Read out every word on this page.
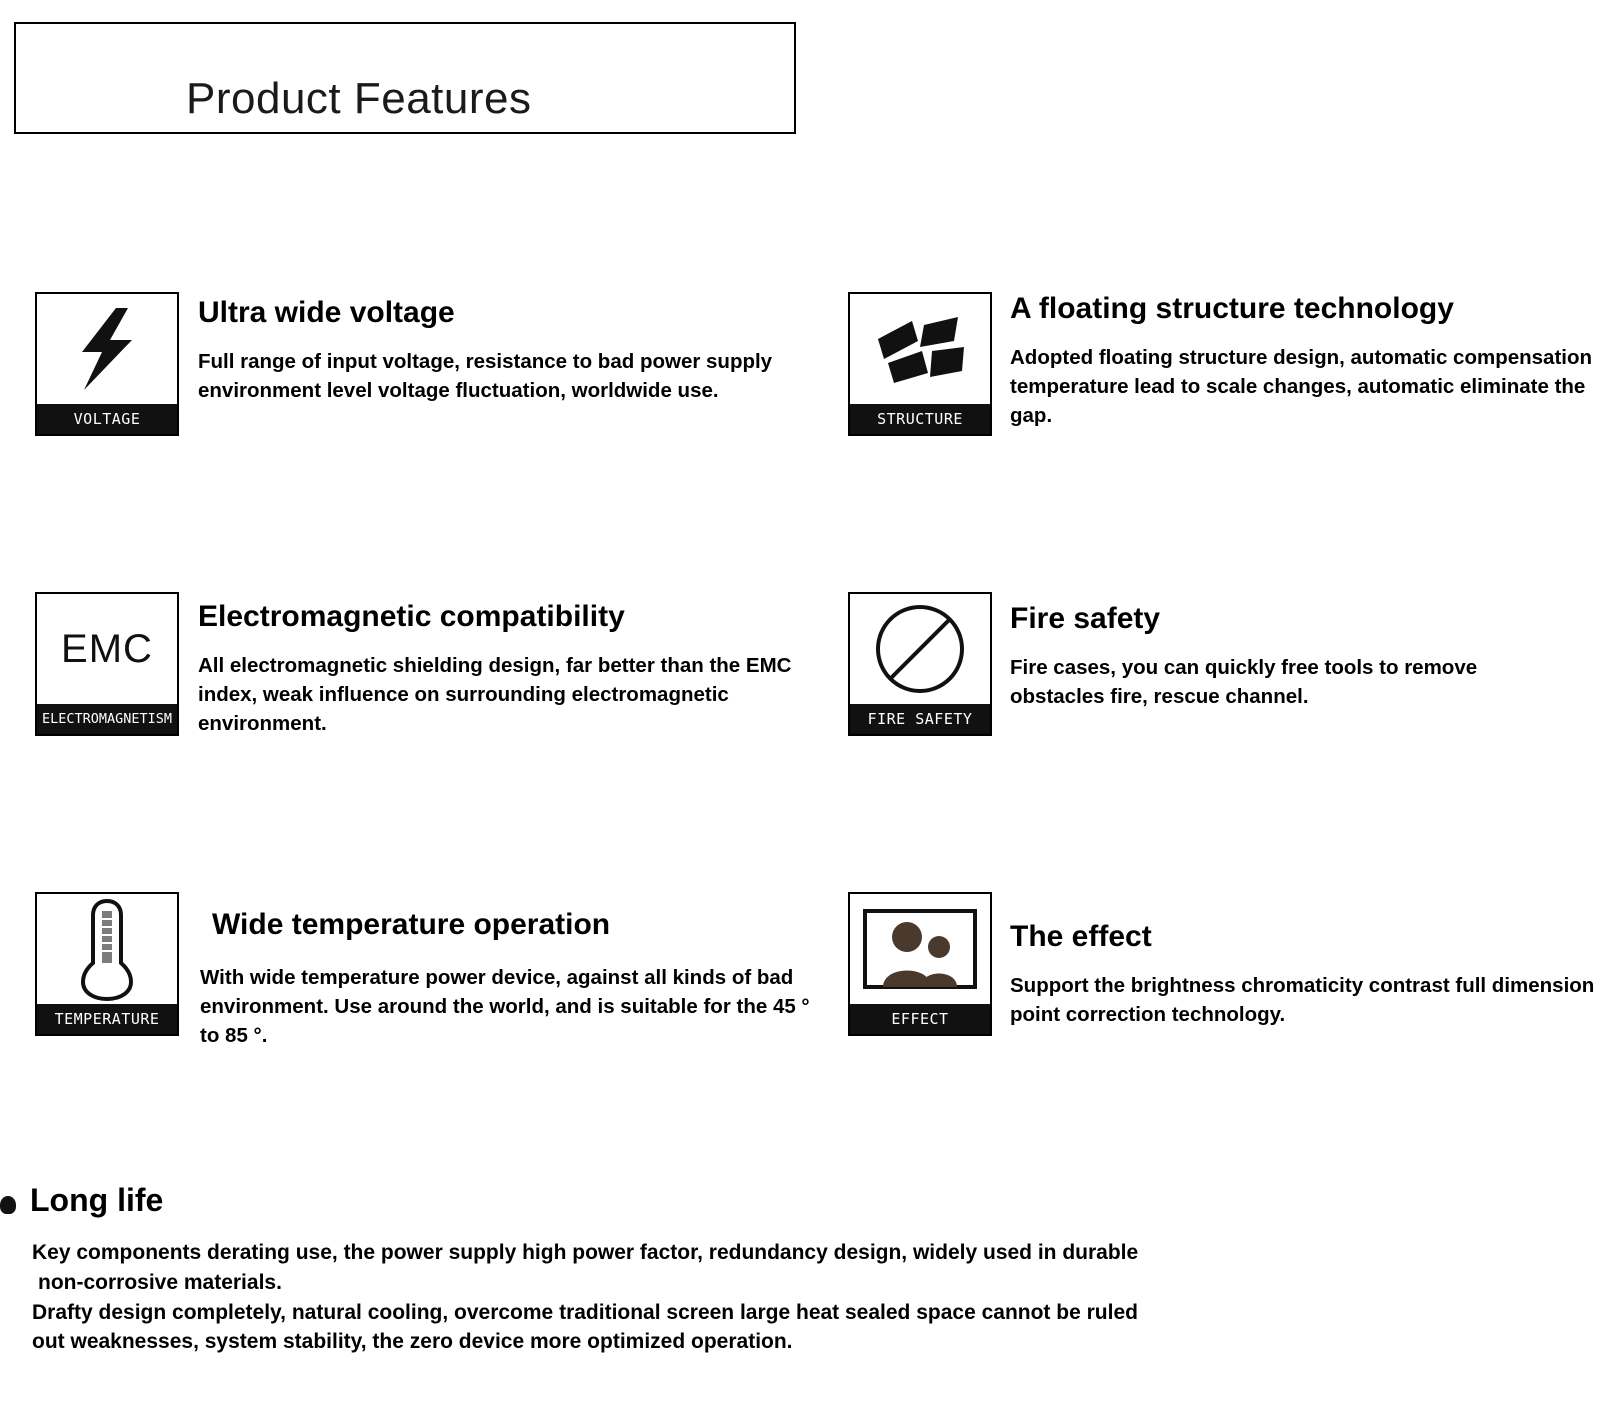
Product Features
VOLTAGE
Ultra wide voltage

Full range of input voltage, resistance to bad power supply environment level voltage fluctuation, worldwide use.

STRUCTURE
A floating structure technology

Adopted floating structure design, automatic compensation temperature lead to scale changes, automatic eliminate the gap.

EMC
ELECTROMAGNETISM
Electromagnetic compatibility

All electromagnetic shielding design, far better than the EMC index, weak influence on surrounding electromagnetic environment.	FIRE SAFETY
Fire safety

Fire cases, you can quickly free tools to remove obstacles fire, rescue channel.

TEMPERATURE
Wide temperature operation

With wide temperature power device, against all kinds of bad environment. Use around the world, and is suitable for the 45 ° to 85 °.

EFFECT
The effect

Support the brightness chromaticity contrast full dimension point correction technology.

Long life

Key components derating use, the power supply high power factor, redundancy design, widely used in durable

non-corrosive materials.

Drafty design completely, natural cooling, overcome traditional screen large heat sealed space cannot be ruled

out weaknesses, system stability, the zero device more optimized operation.
